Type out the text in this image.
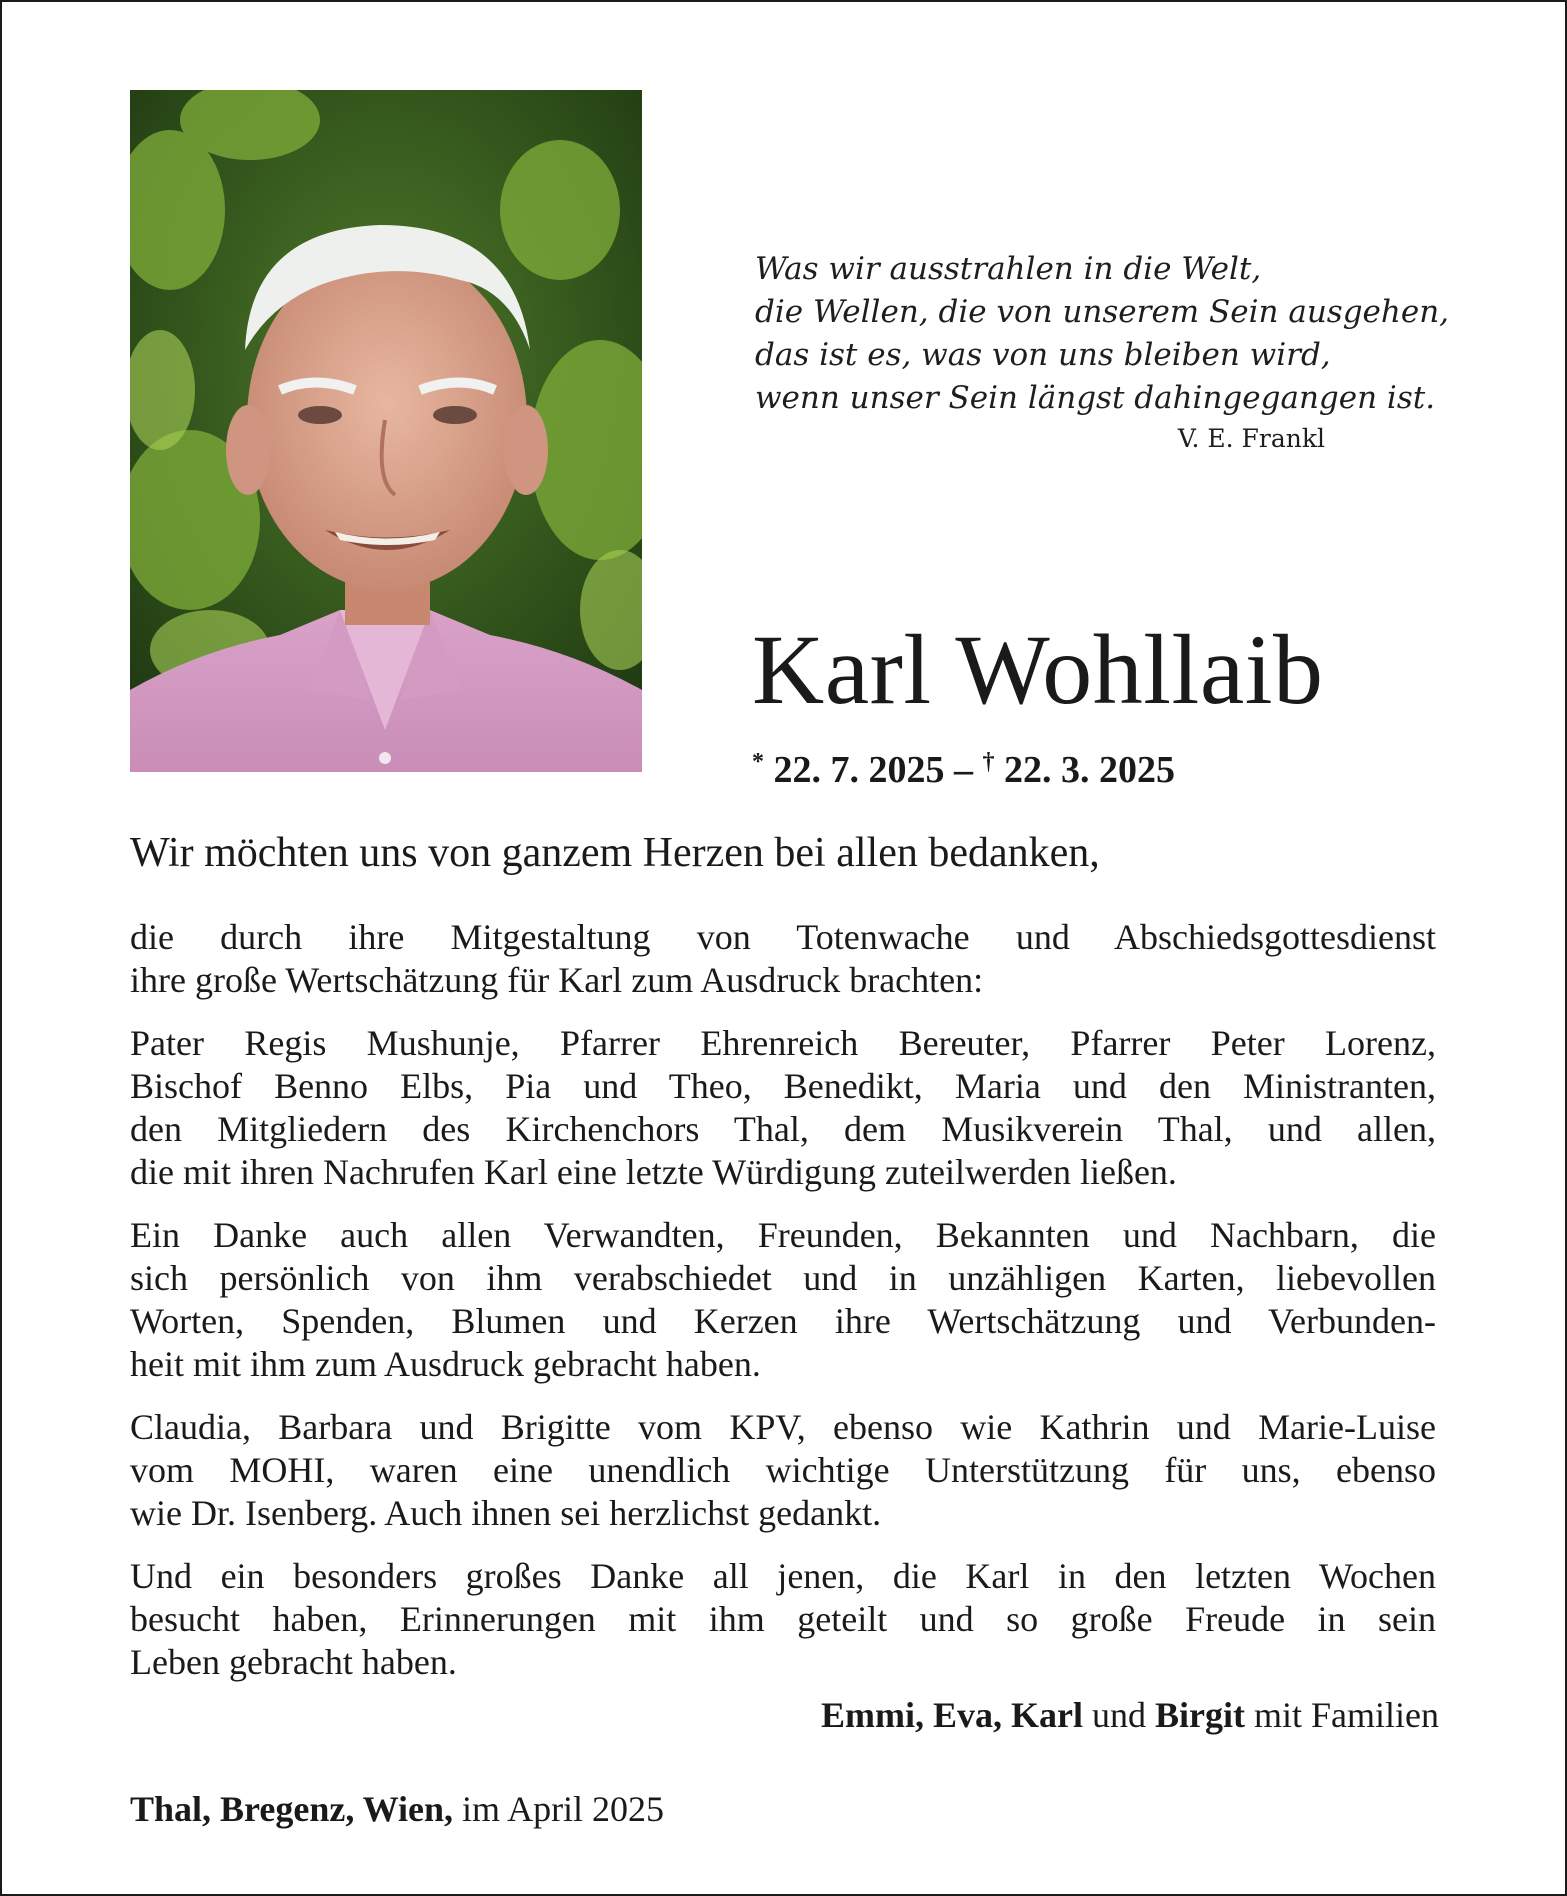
Was wir ausstrahlen in die Welt,
die Wellen, die von unserem Sein ausgehen,
das ist es, was von uns bleiben wird,
wenn unser Sein längst dahingegangen ist.
V. E. Frankl
Karl Wohllaib
* 22. 7. 2025 – † 22. 3. 2025
Wir möchten uns von ganzem Herzen bei allen bedanken,

die durch ihre Mitgestaltung von Totenwache und Abschiedsgottesdienst
ihre große Wertschätzung für Karl zum Ausdruck brachten:

Pater Regis Mushunje, Pfarrer Ehrenreich Bereuter, Pfarrer Peter Lorenz,
Bischof Benno Elbs, Pia und Theo, Benedikt, Maria und den Ministranten,
den Mitgliedern des Kirchenchors Thal, dem Musikverein Thal, und allen,
die mit ihren Nachrufen Karl eine letzte Würdigung zuteilwerden ließen.

Ein Danke auch allen Verwandten, Freunden, Bekannten und Nachbarn, die
sich persönlich von ihm verabschiedet und in unzähligen Karten, liebevollen
Worten, Spenden, Blumen und Kerzen ihre Wertschätzung und Verbunden-
heit mit ihm zum Ausdruck gebracht haben.

Claudia, Barbara und Brigitte vom KPV, ebenso wie Kathrin und Marie-Luise
vom MOHI, waren eine unendlich wichtige Unterstützung für uns, ebenso
wie Dr. Isenberg. Auch ihnen sei herzlichst gedankt.

Und ein besonders großes Danke all jenen, die Karl in den letzten Wochen
besucht haben, Erinnerungen mit ihm geteilt und so große Freude in sein
Leben gebracht haben.

Emmi, Eva, Karl und Birgit mit Familien
Thal, Bregenz, Wien, im April 2025
